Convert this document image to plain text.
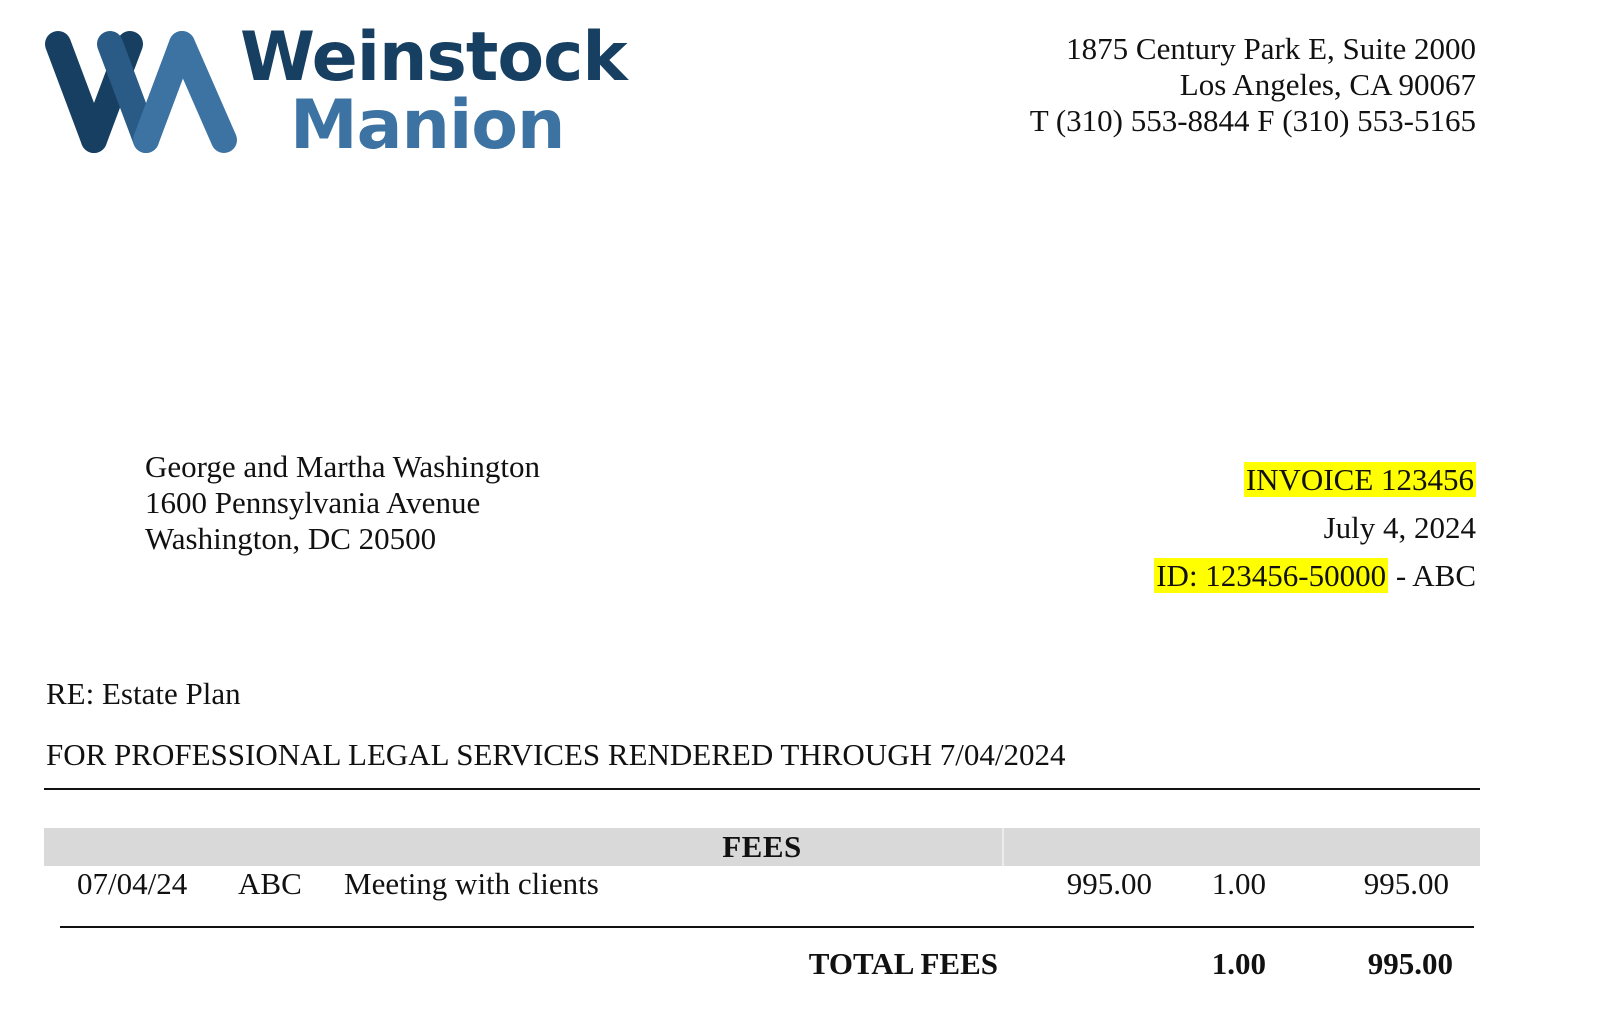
Weinstock
Manion
1875 Century Park E, Suite 2000
Los Angeles, CA 90067
T (310) 553-8844 F (310) 553-5165
George and Martha Washington
1600 Pennsylvania Avenue
Washington, DC 20500
INVOICE 123456
July 4, 2024
ID: 123456-50000 - ABC
RE: Estate Plan
FOR PROFESSIONAL LEGAL SERVICES RENDERED THROUGH 7/04/2024
FEES
07/04/24 ABC Meeting with clients	995.00 1.00	995.00
TOTAL FEES	1.00	995.00
